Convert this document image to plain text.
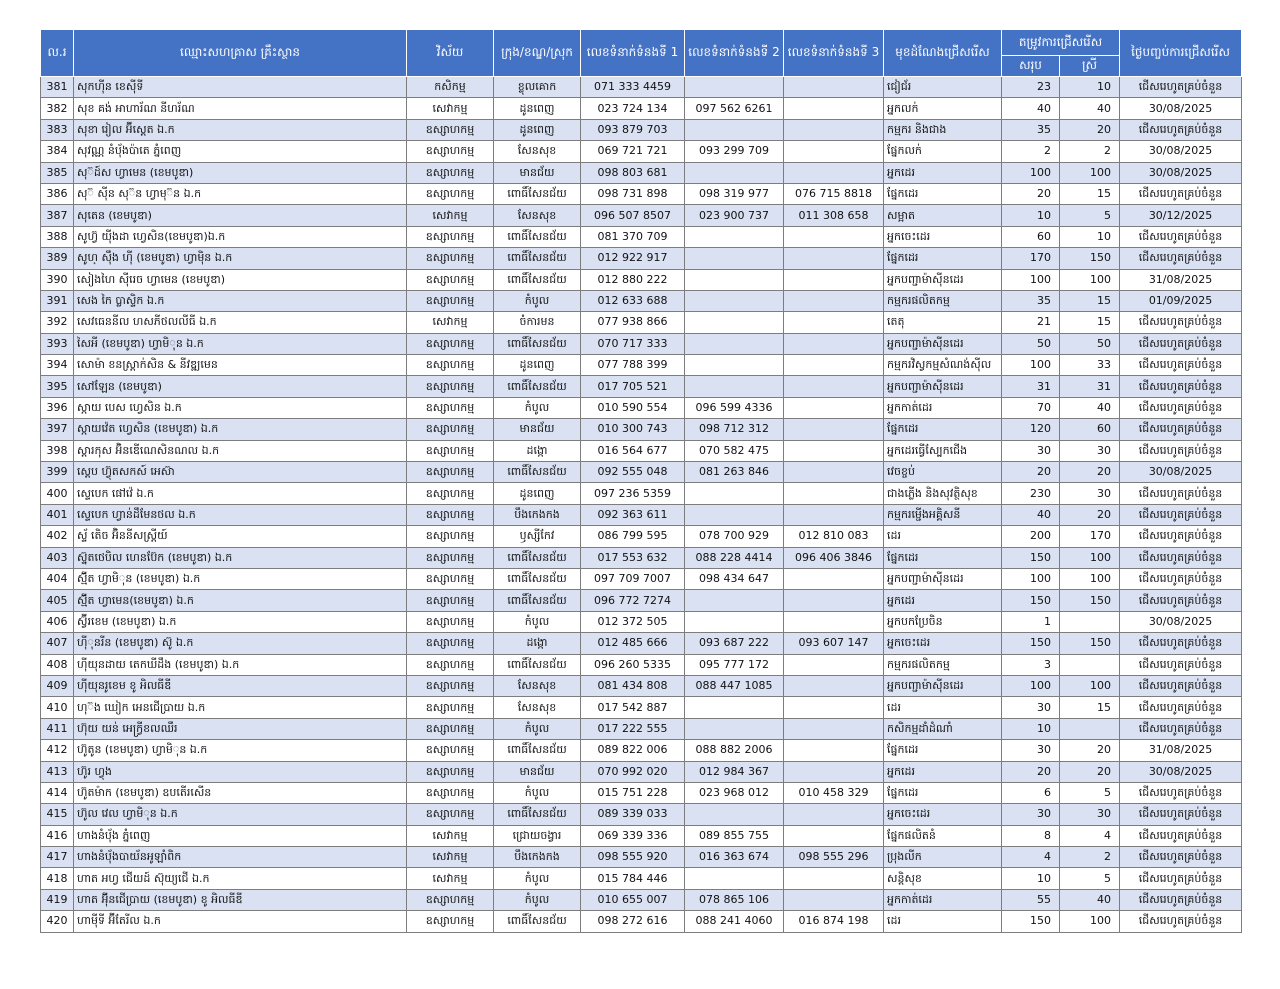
ល.រ	ឈ្មោះសហគ្រាស គ្រឹះស្ថាន	វិស័យ	ក្រុង/ខណ្ឌ/ស្រុក	លេខទំនាក់ទំនងទី 1	លេខទំនាក់ទំនងទី 2	លេខទំនាក់ទំនងទី 3	មុខដំណែងជ្រើសរើស	តម្រូវការជ្រើសរើស		ថ្ងៃបញ្ចប់ការជ្រើសរើស
								សរុប	ស្រី	
381	សុកហ៊ីន ខេស៊ីទី	កសិកម្ម	ខ្លុលគោក	071 333 4459			ជៀជ័រ	23	10	ជើសរេហូតគ្រប់ចំនួន
382	សុខ គង់ អាហារ័ណ នីហរ័ណ	សេវាកម្ម	ដូនពេញ	023 724 134	097 562 6261		អ្នកលក់	40	40	30/08/2025
383	សុខា រៀល អ៊ីស្តេត ឯ.ក	ឧស្សាហកម្ម	ដូនពេញ	093 879 703			កម្មករ និងជាង	35	20	ជើសរេហូតគ្រប់ចំនួន
384	សុវណ្ណ នំបុ័ងប៉ាតេ ភ្នំពេញ	ឧស្សាហកម្ម	សែនសុខ	069 721 721	093 299 709		ផ្នែកលក់	2	2	30/08/2025
385	សុ៊ដ៍ស ហ្វាមេន (ខេមបូឌា)	ឧស្សាហកម្ម	មានជ័យ	098 803 681			អ្នកដេរ	100	100	30/08/2025
386	សុ៊ ស៊ីន សុ៊ន ហ្វាមុ៊ន ឯ.ក	ឧស្សាហកម្ម	ពោធិ៍សែនជ័យ	098 731 898	098 319 977	076 715 8818	ផ្នែកដេរ	20	15	ជើសរេហូតគ្រប់ចំនួន
387	សុតេន (ខេមបូឌា)	សេវាកម្ម	សែនសុខ	096 507 8507	023 900 737	011 308 658	សម្អាត	10	5	30/12/2025
388	សូហ៊្វ យ៉ីងដា ហ្វេសិន(ខេមបូឌា)ឯ.ក	ឧស្សាហកម្ម	ពោធិ៍សែនជ័យ	081 370 709			អ្នកចេះដេរ	60	10	ជើសរេហូតគ្រប់ចំនួន
389	សូហ្ សុឹង ហ៊ី (ខេមបូឌា) ហ្វាមុិន ឯ.ក	ឧស្សាហកម្ម	ពោធិ៍សែនជ័យ	012 922 917			ផ្នែកដេរ	170	150	ជើសរេហូតគ្រប់ចំនួន
390	សៀងហៃ ស៊ីរេច ហ្វាមេន (ខេមបូឌា)	ឧស្សាហកម្ម	ពោធិ៍សែនជ័យ	012 880 222			អ្នកបញ្ជាម៉ាស៊ីនដេរ	100	100	31/08/2025
391	សេង កៃ ប្លាស្ទិក ឯ.ក	ឧស្សាហកម្ម	កំបូល	012 633 688			កម្មករផលិតកម្ម	35	15	01/09/2025
392	សេវធេននីល ហសភីថលលីធី ឯ.ក	សេវាកម្ម	ចំការមន	077 938 866			តេតុ	21	15	ជើសរេហូតគ្រប់ចំនួន
393	សៃអី (ខេមបូឌា) ហ្វាមិុន ឯ.ក	ឧស្សាហកម្ម	ពោធិ៍សែនជ័យ	070 717 333			អ្នកបញ្ជាម៉ាស៊ីនដេរ	50	50	ជើសរេហូតគ្រប់ចំនួន
394	សោម៉ា ខនស្ត្រាក់សិន & នីវឌ្ឍមេន	ឧស្សាហកម្ម	ដូនពេញ	077 788 399			កម្មករវិស្វកម្មសំណង់ស៊ីល	100	33	ជើសរេហូតគ្រប់ចំនួន
395	សៅឡែន (ខេមបូឌា)	ឧស្សាហកម្ម	ពោធិ៍សែនជ័យ	017 705 521			អ្នកបញ្ជាម៉ាស៊ីនដេរ	31	31	ជើសរេហូតគ្រប់ចំនួន
396	ស្កាយ បេស ហ្វេសិន ឯ.ក	ឧស្សាហកម្ម	កំបូល	010 590 554	096 599 4336		អ្នកកាត់ដេរ	70	40	ជើសរេហូតគ្រប់ចំនួន
397	ស្កាយវ៉េត ហ្វេសិន (ខេមបូឌា) ឯ.ក	ឧស្សាហកម្ម	មានជ័យ	010 300 743	098 712 312		ផ្នែកដេរ	120	60	ជើសរេហូតគ្រប់ចំនួន
398	ស្តារកុស អ៊ិនឌើណេសិនណល ឯ.ក	ឧស្សាហកម្ម	ដង្កោ	016 564 677	070 582 475		អ្នកដេរធ្វើស្បែកជើង	30	30	ជើសរេហូតគ្រប់ចំនួន
399	ស្តេប ហ៊្វុតសកស៍ អេស៊ា	ឧស្សាហកម្ម	ពោធិ៍សែនជ័យ	092 555 048	081 263 846		វេចខ្ចប់	20	20	30/08/2025
400	ស្ទេបេក ផៅវ៉េ ឯ.ក	ឧស្សាហកម្ម	ដូនពេញ	097 236 5359			ជាងភ្លើង និងសុវត្ថិសុខ	230	30	ជើសរេហូតគ្រប់ចំនួន
401	ស្ទេបេក ហ្វាន់ដឹមែនថល ឯ.ក	ឧស្សាហកម្ម	បឹងកេងកង	092 363 611			កម្មករម្ជើងអគ្គិសនី	40	20	ជើសរេហូតគ្រប់ចំនួន
402	ស្ទ័ តេិច អ៊ិននីសស្ត្រីយ៍	ឧស្សាហកម្ម	ឫស្សីកែវ	086 799 595	078 700 929	012 810 083	ដេរ	200	170	ជើសរេហូតគ្រប់ចំនួន
403	ស្ទ៊ុតថេបិល ហេនប៊ែក (ខេមបូឌា) ឯ.ក	ឧស្សាហកម្ម	ពោធិ៍សែនជ័យ	017 553 632	088 228 4414	096 406 3846	ផ្នែកដេរ	150	100	ជើសរេហូតគ្រប់ចំនួន
404	ស៊្មីត ហ្វាមិុន (ខេមបូឌា) ឯ.ក	ឧស្សាហកម្ម	ពោធិ៍សែនជ័យ	097 709 7007	098 434 647		អ្នកបញ្ជាម៉ាស៊ីនដេរ	100	100	ជើសរេហូតគ្រប់ចំនួន
405	ស៊្មីត ហ្វាមេន(ខេមបូឌា) ឯ.ក	ឧស្សាហកម្ម	ពោធិ៍សែនជ័យ	096 772 7274			អ្នកដេរ	150	150	ជើសរេហូតគ្រប់ចំនួន
406	ស្វ៊ីរខេម (ខេមបូឌា) ឯ.ក	ឧស្សាហកម្ម	កំបូល	012 372 505			អ្នកបកប្រែចិន	1		30/08/2025
407	ហ៊ីុនរីន (ខេមបូឌា) ស៊ូ ឯ.ក	ឧស្សាហកម្ម	ដង្កោ	012 485 666	093 687 222	093 607 147	អ្នកចេះដេរ	150	150	ជើសរេហូតគ្រប់ចំនួន
408	ហ៊ីយុនដាយ តេកឃីដឹង (ខេមបូឌា) ឯ.ក	ឧស្សាហកម្ម	ពោធិ៍សែនជ័យ	096 260 5335	095 777 172		កម្មករផលិតកម្ម	3		ជើសរេហូតគ្រប់ចំនួន
409	ហ៊ីយុនរូខេម ខូ អិលធីឌី	ឧស្សាហកម្ម	សែនសុខ	081 434 808	088 447 1085		អ្នកបញ្ជាម៉ាស៊ីនដេរ	100	100	ជើសរេហូតគ្រប់ចំនួន
410	ហុ៊ង ឃៀក អេនជើប្រាយ ឯ.ក	ឧស្សាហកម្ម	សែនសុខ	017 542 887			ដេរ	30	15	ជើសរេហូតគ្រប់ចំនួន
411	ហ៊ុយ យន់ អេក្រ្វីខលឈឺរ	ឧស្សាហកម្ម	កំបូល	017 222 555			កសិកម្មដាំដំណាំ	10		ជើសរេហូតគ្រប់ចំនួន
412	ហ៊ូតូន (ខេមបូឌា) ហ្វាមិុន ឯ.ក	ឧស្សាហកម្ម	ពោធិ៍សែនជ័យ	089 822 006	088 882 2006		ផ្នែកដេរ	30	20	31/08/2025
413	ហ៊ូរ ហ្វុង	ឧស្សាហកម្ម	មានជ័យ	070 992 020	012 984 367		អ្នកដេរ	20	20	30/08/2025
414	ហ៊ូតម៉ាក (ខេមបូឌា) ឧបតើរសើន	ឧស្សាហកម្ម	កំបូល	015 751 228	023 968 012	010 458 329	ផ្នែកដេរ	6	5	ជើសរេហូតគ្រប់ចំនួន
415	ហ៊ូល វេល ហ្វាមិុន ឯ.ក	ឧស្សាហកម្ម	ពោធិ៍សែនជ័យ	089 339 033			អ្នកចេះដេរ	30	30	ជើសរេហូតគ្រប់ចំនួន
416	ហាងនំបុ័ង ភ្នំពេញ	សេវាកម្ម	ជ្រោយចង្វារ	069 339 336	089 855 755		ផ្នែកផលិតនំ	8	4	ជើសរេហូតគ្រប់ចំនួន
417	ហាងនំបុ័ងបាយ័នអូឡាំពិក	សេវាកម្ម	បឹងកេងកង	098 555 920	016 363 674	098 555 296	ប្រុងលីក	4	2	ជើសរេហូតគ្រប់ចំនួន
418	ហាត អហ្វ ជើយដ៍ ស៊ុយ្យជើ ឯ.ក	សេវាកម្ម	កំបូល	015 784 446			សន្តិសុខ	10	5	ជើសរេហូតគ្រប់ចំនួន
419	ហាត អ៊ុីនជើប្រាយ (ខេមបូឌា) ខូ អិលធីឌី	ឧស្សាហកម្ម	កំបូល	010 655 007	078 865 106		អ្នកកាត់ដេរ	55	40	ជើសរេហូតគ្រប់ចំនួន
420	ហាម៉ីទី អ៊ីតែរីល ឯ.ក	ឧស្សាហកម្ម	ពោធិ៍សែនជ័យ	098 272 616	088 241 4060	016 874 198	ដេរ	150	100	ជើសរេហូតគ្រប់ចំនួន
